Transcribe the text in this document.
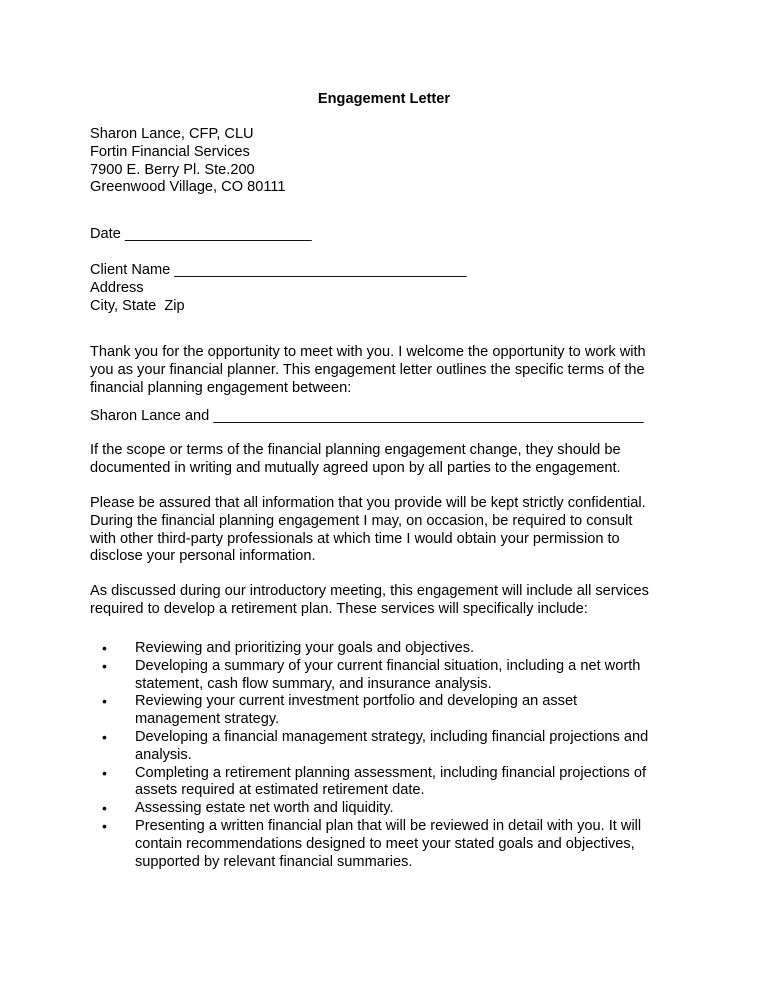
Engagement Letter
Sharon Lance, CFP, CLU
Fortin Financial Services
7900 E. Berry Pl. Ste.200
Greenwood Village, CO 80111
Date _______________________
Client Name ____________________________________
Address
City, State  Zip
Thank you for the opportunity to meet with you. I welcome the opportunity to work with
you as your financial planner. This engagement letter outlines the specific terms of the
financial planning engagement between:
Sharon Lance and _____________________________________________________
If the scope or terms of the financial planning engagement change, they should be
documented in writing and mutually agreed upon by all parties to the engagement.
Please be assured that all information that you provide will be kept strictly confidential.
During the financial planning engagement I may, on occasion, be required to consult
with other third-party professionals at which time I would obtain your permission to
disclose your personal information.
As discussed during our introductory meeting, this engagement will include all services
required to develop a retirement plan. These services will specifically include:
• Reviewing and prioritizing your goals and objectives.
• Developing a summary of your current financial situation, including a net worth
statement, cash flow summary, and insurance analysis.
• Reviewing your current investment portfolio and developing an asset
management strategy.
• Developing a financial management strategy, including financial projections and
analysis.
• Completing a retirement planning assessment, including financial projections of
assets required at estimated retirement date.
• Assessing estate net worth and liquidity.
• Presenting a written financial plan that will be reviewed in detail with you. It will
contain recommendations designed to meet your stated goals and objectives,
supported by relevant financial summaries.
